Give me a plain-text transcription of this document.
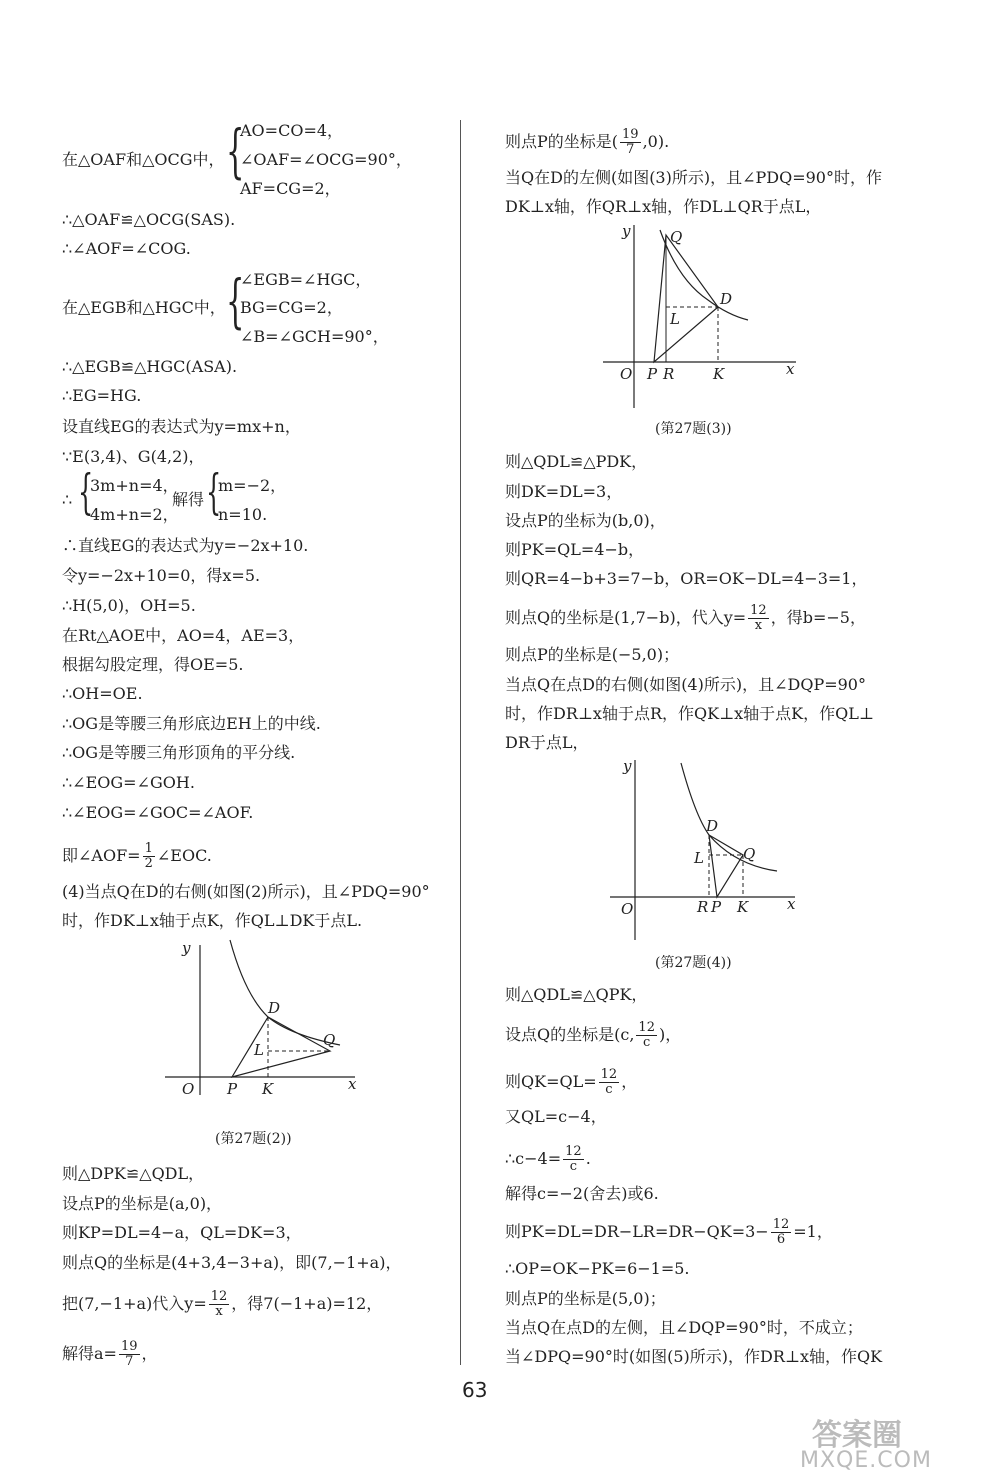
在△OAF和△OCG中， {
AO=CO=4，
∠OAF=∠OCG=90°，
AF=CG=2，
∴△OAF≌△OCG(SAS).
∴∠AOF=∠COG.
在△EGB和△HGC中， {
∠EGB=∠HGC，
BG=CG=2，
∠B=∠GCH=90°，
∴△EGB≌△HGC(ASA).
∴EG=HG.
设直线EG的表达式为y=mx+n，
∵E(3,4)、G(4,2)，
∴ {
3m+n=4，
4m+n=2，
解得 {
m=−2，
n=10.
∴直线EG的表达式为y=−2x+10.
令y=−2x+10=0，得x=5.
∴H(5,0)，OH=5.
在Rt△AOE中，AO=4，AE=3，
根据勾股定理，得OE=5.
∴OH=OE.
∴OG是等腰三角形底边EH上的中线.
∴OG是等腰三角形顶角的平分线.
∴∠EOG=∠GOH.
∴∠EOG=∠GOC=∠AOF.
即∠AOF= $\frac{1}{2}$ ∠EOC.
(4)当点Q在D的右侧(如图(2)所示)，且∠PDQ=90°
时，作DK⊥x轴于点K，作QL⊥DK于点L.
y
D
Q
L
O P K	x
(第27题(2))
则△DPK≌△QDL，
设点P的坐标是(a,0)，
则KP=DL=4−a，QL=DK=3，
则点Q的坐标是(4+3,4−3+a)，即(7,−1+a)，
把(7,−1+a)代入$y= \frac{12}{x}$ ，得7(−1+a)=12，
解得$a= \frac{19}{7}$ ，
则点P的坐标是( $\frac{19}{7} ,0$).
当Q在D的左侧(如图(3)所示)，且∠PDQ=90°时，作
DK⊥x轴，作QR⊥x轴，作DL⊥QR于点L，
y	Q
D
L
O P R	K	x
(第27题(3))
则△QDL≌△PDK，
则DK=DL=3，
设点P的坐标为(b,0)，
则PK=QL=4−b，
则QR=4−b+3=7−b，OR=OK−DL=4−3=1，
则点Q的坐标是(1,7−b)，代入$y= \frac{12}{x}$ ，得b=−5，
则点P的坐标是(−5,0)；
当点Q在点D的右侧(如图(4)所示)，且∠DQP=90°
时，作DR⊥x轴于点R，作QK⊥x轴于点K，作QL⊥
DR于点L，
y
D
Q
L
O	R P K	x
(第27题(4))
则△QDL≌△QPK，
设点Q的坐标是(c, $\frac{12}{c}$ )，
则$QK=QL= \frac{12}{c}$ ，
又QL=c−4，
∴c−4= $\frac{12}{c}$ .
解得c=−2(舍去)或6.
则$PK=DL=DR-LR=DR-QK=3- \frac{12}{6} =1$，
∴OP=OK−PK=6−1=5.
则点P的坐标是(5,0)；
当点Q在点D的左侧，且∠DQP=90°时，不成立；
当∠DPQ=90°时(如图(5)所示)，作DR⊥x轴，作QK
63
答案圈
MXQE.COM
